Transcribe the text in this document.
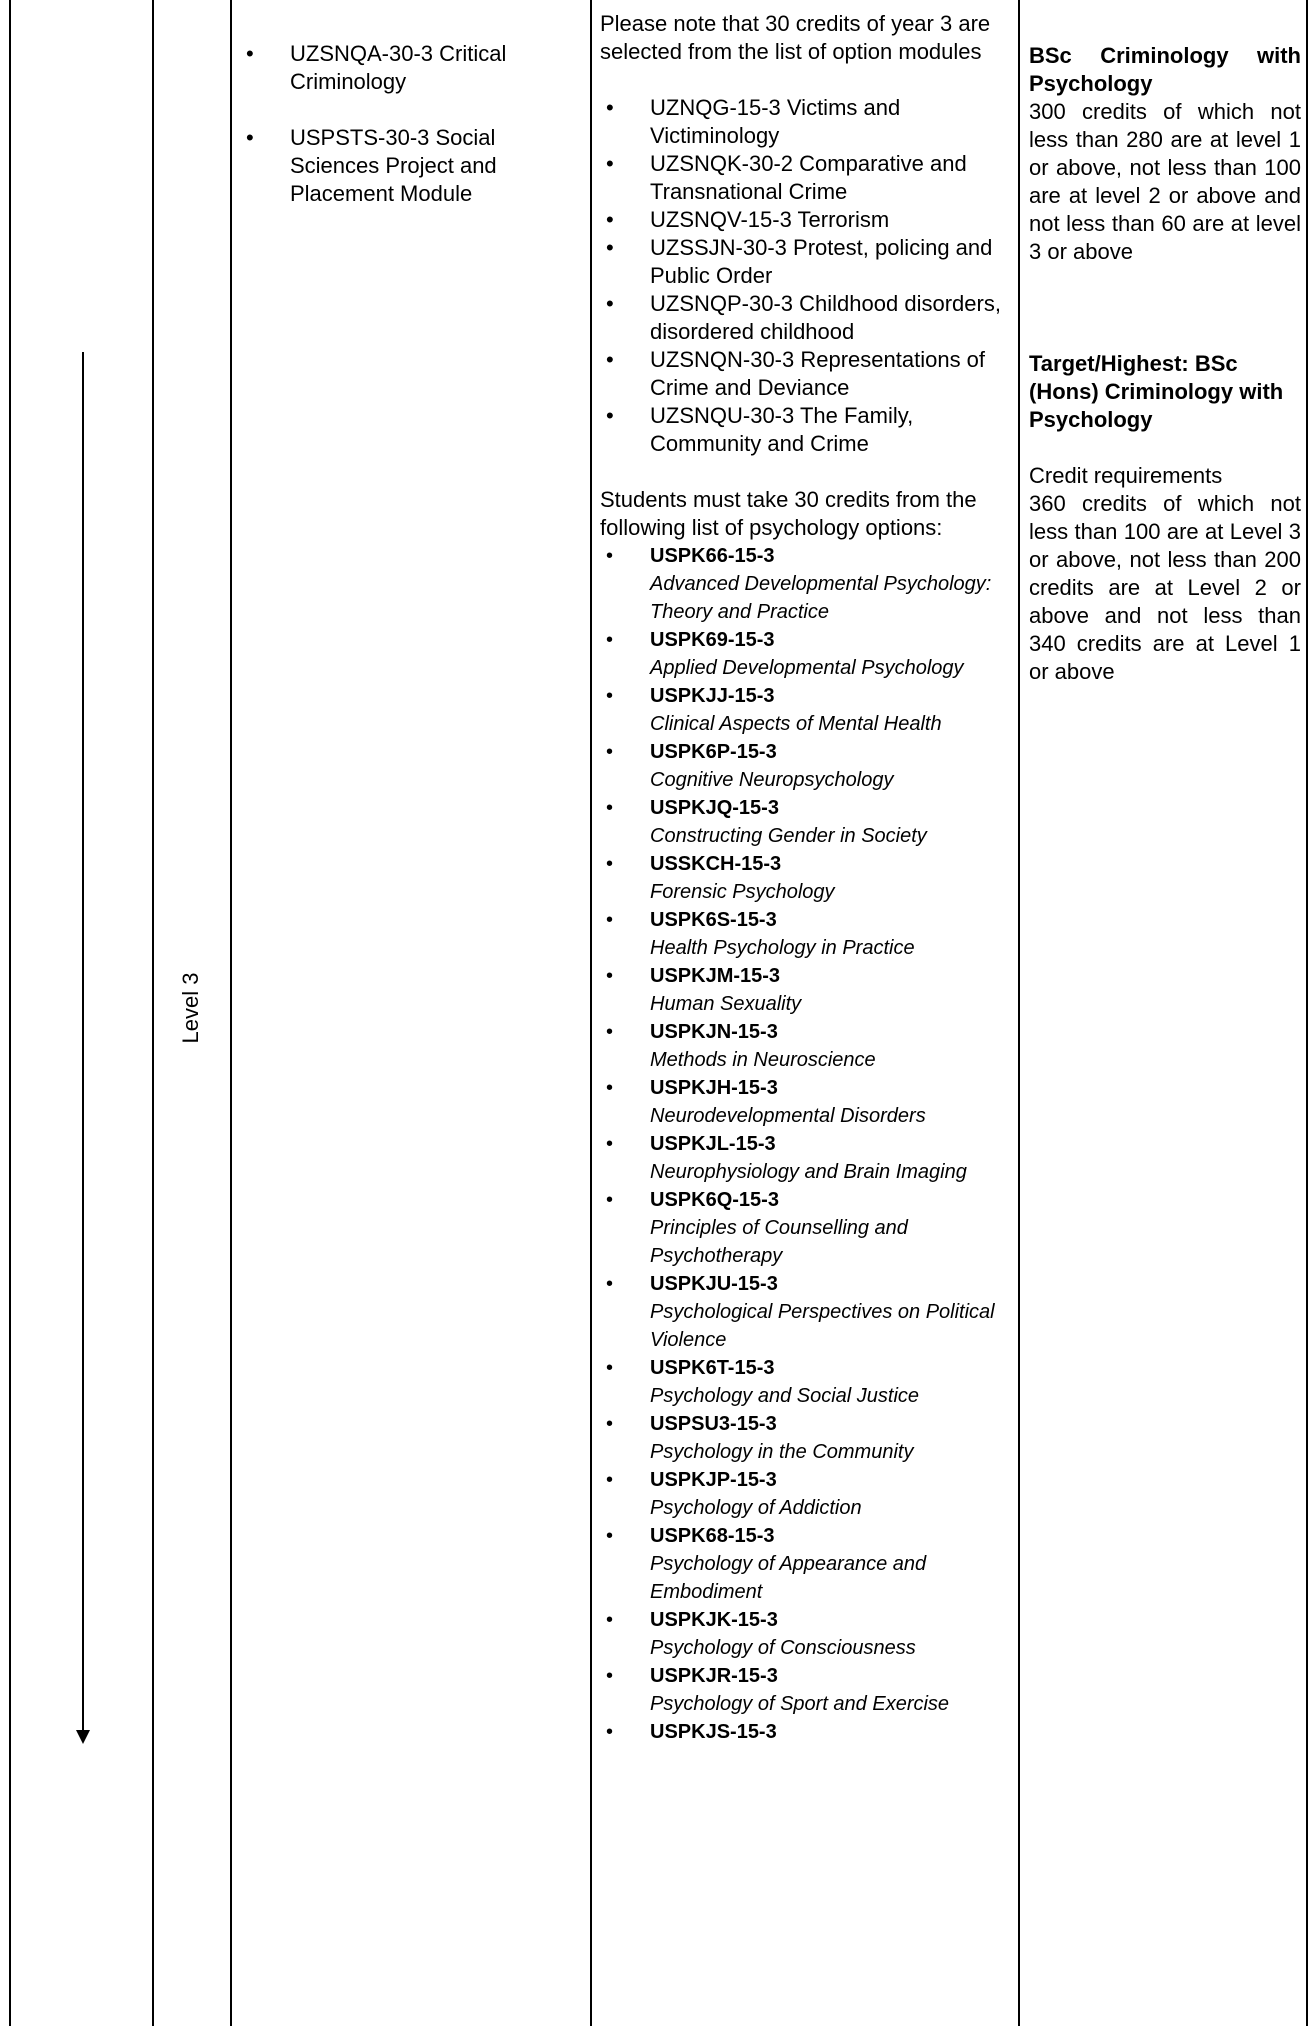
Level 3
• UZSNQA-30-3 Critical Criminology
• USPSTS-30-3 Social Sciences Project and Placement Module

Please note that 30 credits of year 3 are selected from the list of option modules

• UZNQG-15-3 Victims and Victiminology
• UZSNQK-30-2 Comparative and Transnational Crime
• UZSNQV-15-3 Terrorism
• UZSSJN-30-3 Protest, policing and Public Order
• UZSNQP-30-3 Childhood disorders, disordered childhood
• UZSNQN-30-3 Representations of Crime and Deviance
• UZSNQU-30-3 The Family, Community and Crime

Students must take 30 credits from the following list of psychology options:

• USPK66-15-3
Advanced Developmental Psychology: Theory and Practice
• USPK69-15-3
Applied Developmental Psychology
• USPKJJ-15-3
Clinical Aspects of Mental Health
• USPK6P-15-3
Cognitive Neuropsychology
• USPKJQ-15-3
Constructing Gender in Society
• USSKCH-15-3
Forensic Psychology
• USPK6S-15-3
Health Psychology in Practice
• USPKJM-15-3
Human Sexuality
• USPKJN-15-3
Methods in Neuroscience
• USPKJH-15-3
Neurodevelopmental Disorders
• USPKJL-15-3
Neurophysiology and Brain Imaging
• USPK6Q-15-3
Principles of Counselling and Psychotherapy
• USPKJU-15-3
Psychological Perspectives on Political Violence
• USPK6T-15-3
Psychology and Social Justice
• USPSU3-15-3
Psychology in the Community
• USPKJP-15-3
Psychology of Addiction
• USPK68-15-3
Psychology of Appearance and Embodiment
• USPKJK-15-3
Psychology of Consciousness
• USPKJR-15-3
Psychology of Sport and Exercise
• USPKJS-15-3
BSc Criminology with Psychology
300 credits of which not less than 280 are at level 1 or above, not less than 100 are at level 2 or above and not less than 60 are at level 3 or above
Target/Highest: BSc (Hons) Criminology with Psychology
Credit requirements
360 credits of which not less than 100 are at Level 3 or above, not less than 200 credits are at Level 2 or above and not less than 340 credits are at Level 1 or above
